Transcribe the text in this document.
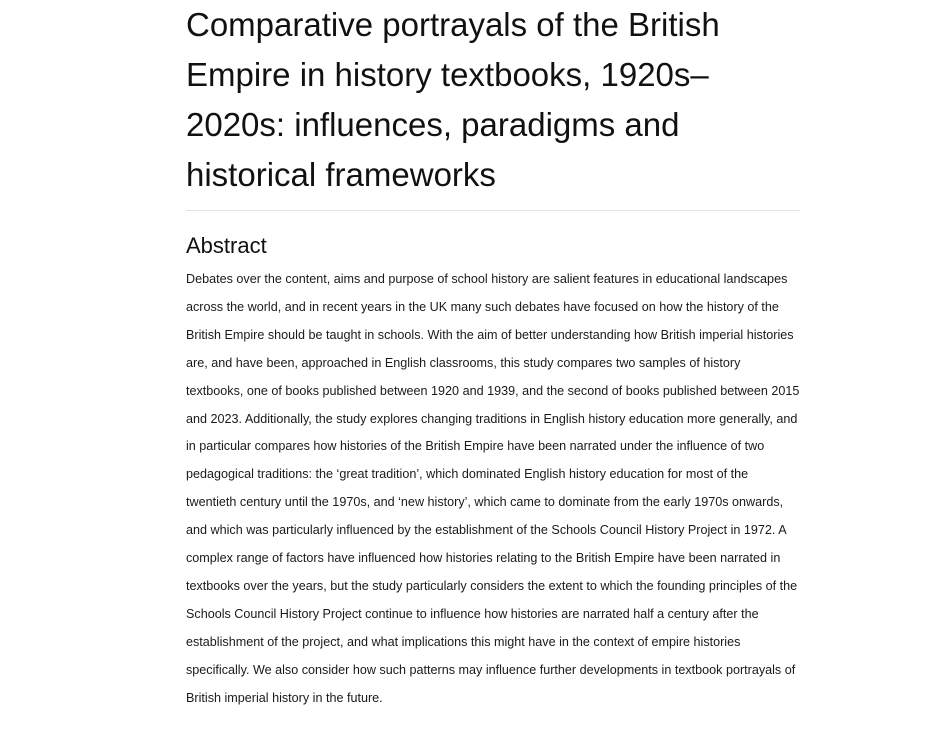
Comparative portrayals of the British Empire in history textbooks, 1920s–2020s: influences, paradigms and historical frameworks
Abstract

Debates over the content, aims and purpose of school history are salient features in educational landscapes across the world, and in recent years in the UK many such debates have focused on how the history of the British Empire should be taught in schools. With the aim of better understanding how British imperial histories are, and have been, approached in English classrooms, this study compares two samples of history textbooks, one of books published between 1920 and 1939, and the second of books published between 2015 and 2023. Additionally, the study explores changing traditions in English history education more generally, and in particular compares how histories of the British Empire have been narrated under the influence of two pedagogical traditions: the ‘great tradition’, which dominated English history education for most of the twentieth century until the 1970s, and ‘new history’, which came to dominate from the early 1970s onwards, and which was particularly influenced by the establishment of the Schools Council History Project in 1972. A complex range of factors have influenced how histories relating to the British Empire have been narrated in textbooks over the years, but the study particularly considers the extent to which the founding principles of the Schools Council History Project continue to influence how histories are narrated half a century after the establishment of the project, and what implications this might have in the context of empire histories specifically. We also consider how such patterns may influence further developments in textbook portrayals of British imperial history in the future.
